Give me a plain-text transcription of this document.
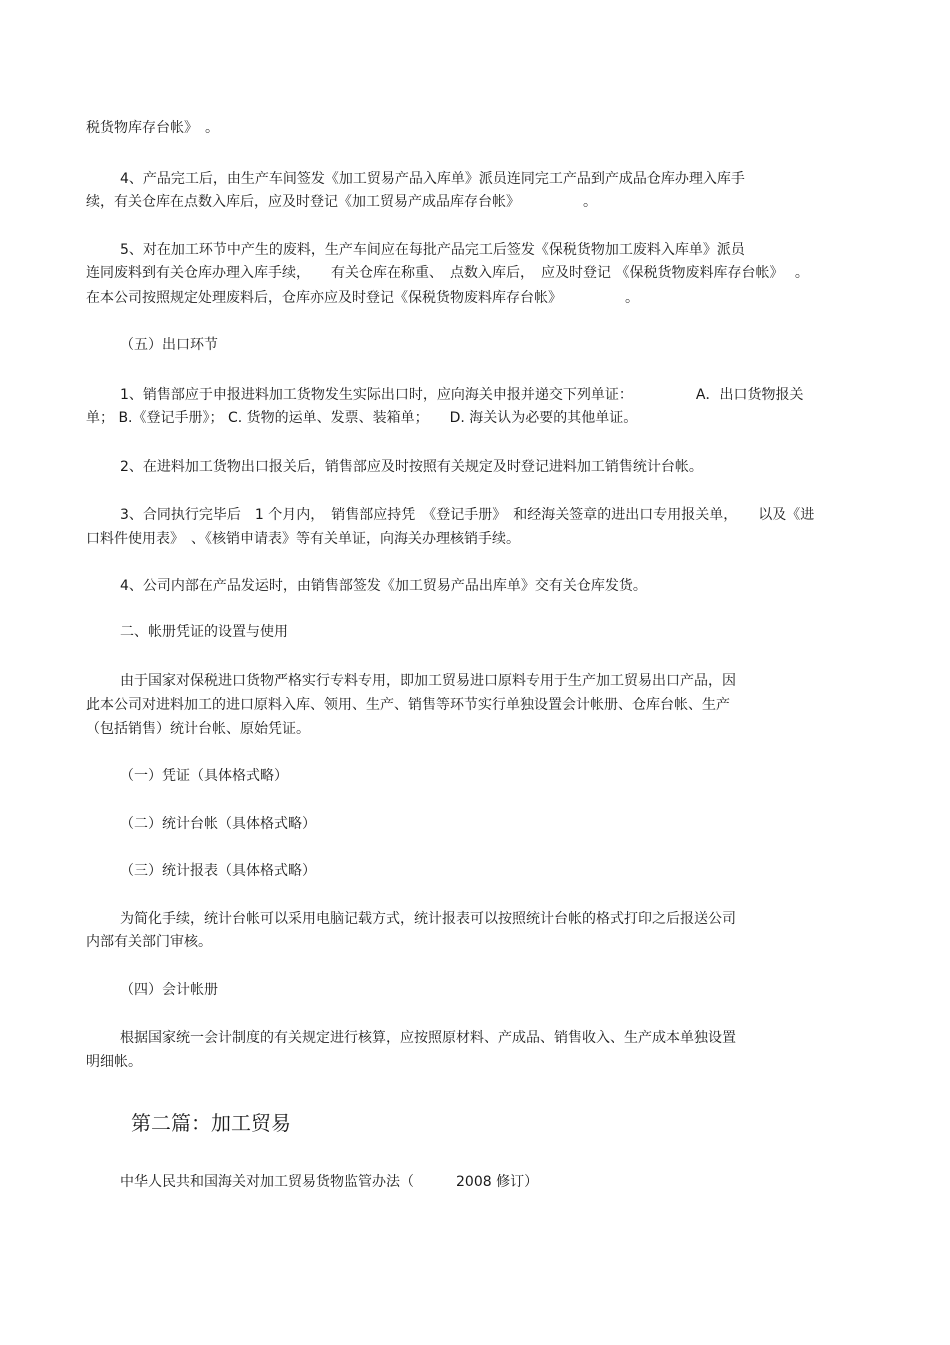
税货物库存台帐》　。
4、产品完工后，由生产车间签发《加工贸易产品入库单》派员连同完工产品到产成品仓库办理入库手
续，有关仓库在点数入库后，应及时登记《加工贸易产成品库存台帐》　　　　　。
5、对在加工环节中产生的废料，生产车间应在每批产品完工后签发《保税货物加工废料入库单》派员
连同废料到有关仓库办理入库手续，　　有关仓库在称重、　点数入库后，　应及时登记 《保税货物废料库存台帐》　 。
在本公司按照规定处理废料后，仓库亦应及时登记《保税货物废料库存台帐》　　　　　。
（五）出口环节
1、销售部应于申报进料加工货物发生实际出口时，应向海关申报并递交下列单证：　　　　　A．出口货物报关
单； B.《登记手册》； C. 货物的运单、发票、装箱单；　　D. 海关认为必要的其他单证。
2、在进料加工货物出口报关后，销售部应及时按照有关规定及时登记进料加工销售统计台帐。
3、合同执行完毕后　1 个月内，　销售部应持凭　《登记手册》　和经海关签章的进出口专用报关单，　　以及《进
口料件使用表》　、《核销申请表》等有关单证，向海关办理核销手续。
4、公司内部在产品发运时，由销售部签发《加工贸易产品出库单》交有关仓库发货。
二、帐册凭证的设置与使用
由于国家对保税进口货物严格实行专料专用，即加工贸易进口原料专用于生产加工贸易出口产品，因
此本公司对进料加工的进口原料入库、领用、生产、销售等环节实行单独设置会计帐册、仓库台帐、生产
（包括销售）统计台帐、原始凭证。
（一）凭证（具体格式略）
（二）统计台帐（具体格式略）
（三）统计报表（具体格式略）
为简化手续，统计台帐可以采用电脑记载方式，统计报表可以按照统计台帐的格式打印之后报送公司
内部有关部门审核。
（四）会计帐册
根据国家统一会计制度的有关规定进行核算，应按照原材料、产成品、销售收入、生产成本单独设置
明细帐。
第二篇：加工贸易
中华人民共和国海关对加工贸易货物监管办法（　　　2008 修订）
